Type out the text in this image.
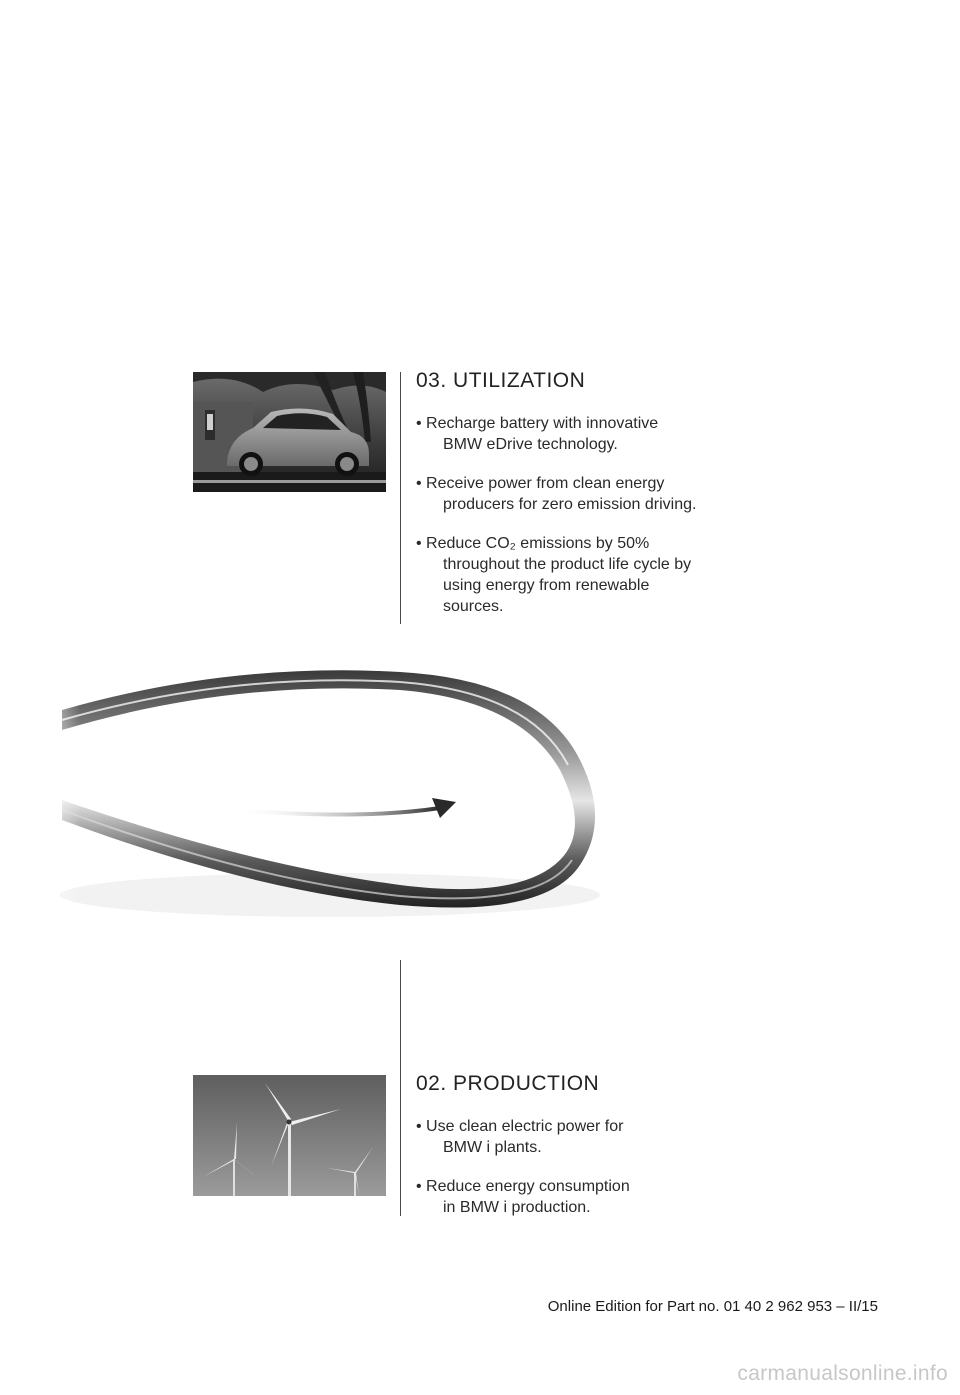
03. UTILIZATION
• Recharge battery with innovative
BMW eDrive technology.
• Receive power from clean energy
producers for zero emission driving.
• Reduce CO₂ emissions by 50%
throughout the product life cycle by using energy from renewable sources.
02. PRODUCTION
• Use clean electric power for
BMW i plants.
• Reduce energy consumption
in BMW i production.
Online Edition for Part no. 01 40 2 962 953 – II/15
carmanualsonline.info
